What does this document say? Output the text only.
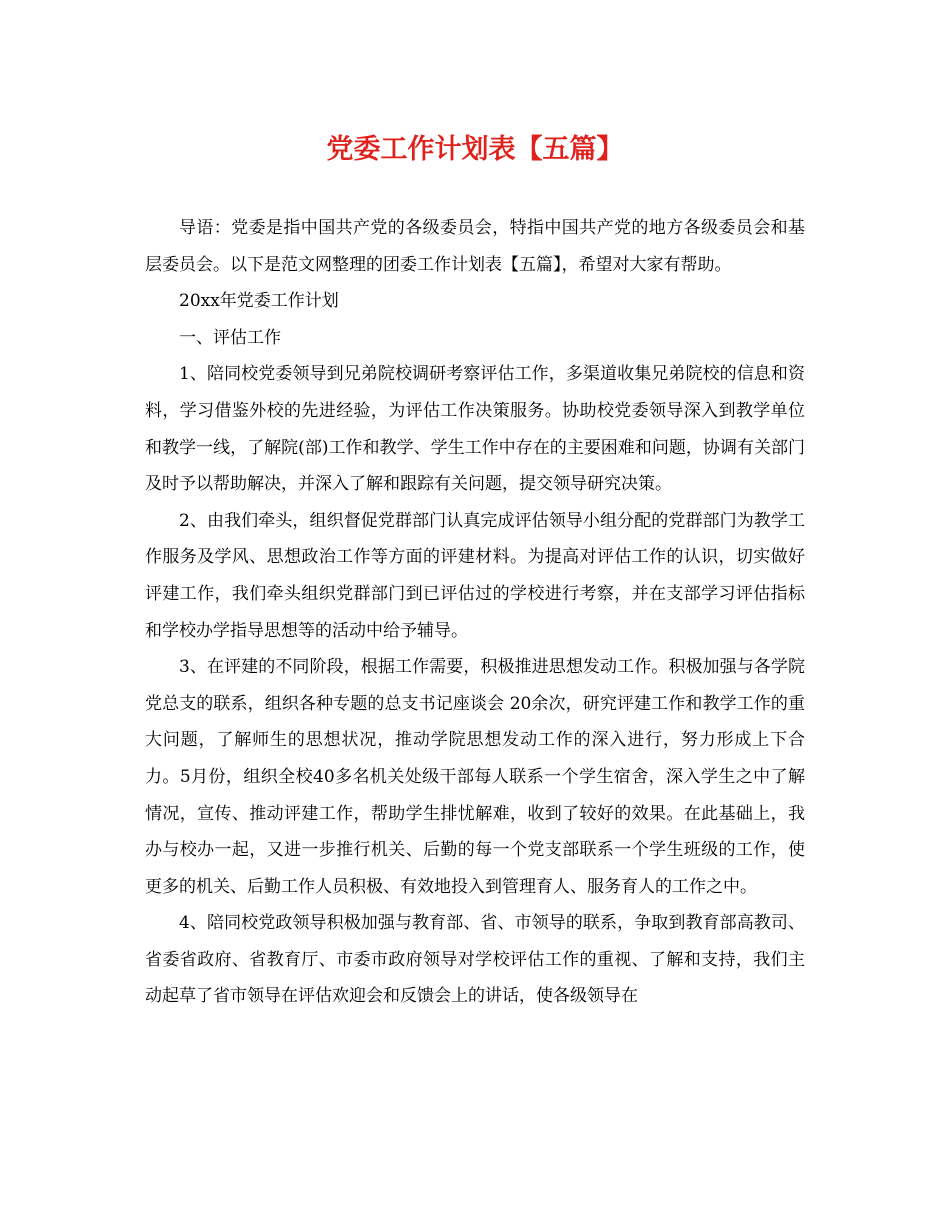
党委工作计划表【五篇】

导语：党委是指中国共产党的各级委员会，特指中国共产党的地方各级委员会和基层委员会。以下是范文网整理的团委工作计划表【五篇】，希望对大家有帮助。

20xx年党委工作计划

一、评估工作

1、陪同校党委领导到兄弟院校调研考察评估工作，多渠道收集兄弟院校的信息和资料，学习借鉴外校的先进经验，为评估工作决策服务。协助校党委领导深入到教学单位和教学一线，了解院(部)工作和教学、学生工作中存在的主要困难和问题，协调有关部门及时予以帮助解决，并深入了解和跟踪有关问题，提交领导研究决策。

2、由我们牵头，组织督促党群部门认真完成评估领导小组分配的党群部门为教学工作服务及学风、思想政治工作等方面的评建材料。为提高对评估工作的认识，切实做好评建工作，我们牵头组织党群部门到已评估过的学校进行考察，并在支部学习评估指标和学校办学指导思想等的活动中给予辅导。

3、在评建的不同阶段，根据工作需要，积极推进思想发动工作。积极加强与各学院党总支的联系，组织各种专题的总支书记座谈会 20余次，研究评建工作和教学工作的重大问题，了解师生的思想状况，推动学院思想发动工作的深入进行，努力形成上下合力。5月份，组织全校40多名机关处级干部每人联系一个学生宿舍，深入学生之中了解情况，宣传、推动评建工作，帮助学生排忧解难，收到了较好的效果。在此基础上，我办与校办一起，又进一步推行机关、后勤的每一个党支部联系一个学生班级的工作，使更多的机关、后勤工作人员积极、有效地投入到管理育人、服务育人的工作之中。

4、陪同校党政领导积极加强与教育部、省、市领导的联系，争取到教育部高教司、省委省政府、省教育厅、市委市政府领导对学校评估工作的重视、了解和支持，我们主动起草了省市领导在评估欢迎会和反馈会上的讲话，使各级领导在
